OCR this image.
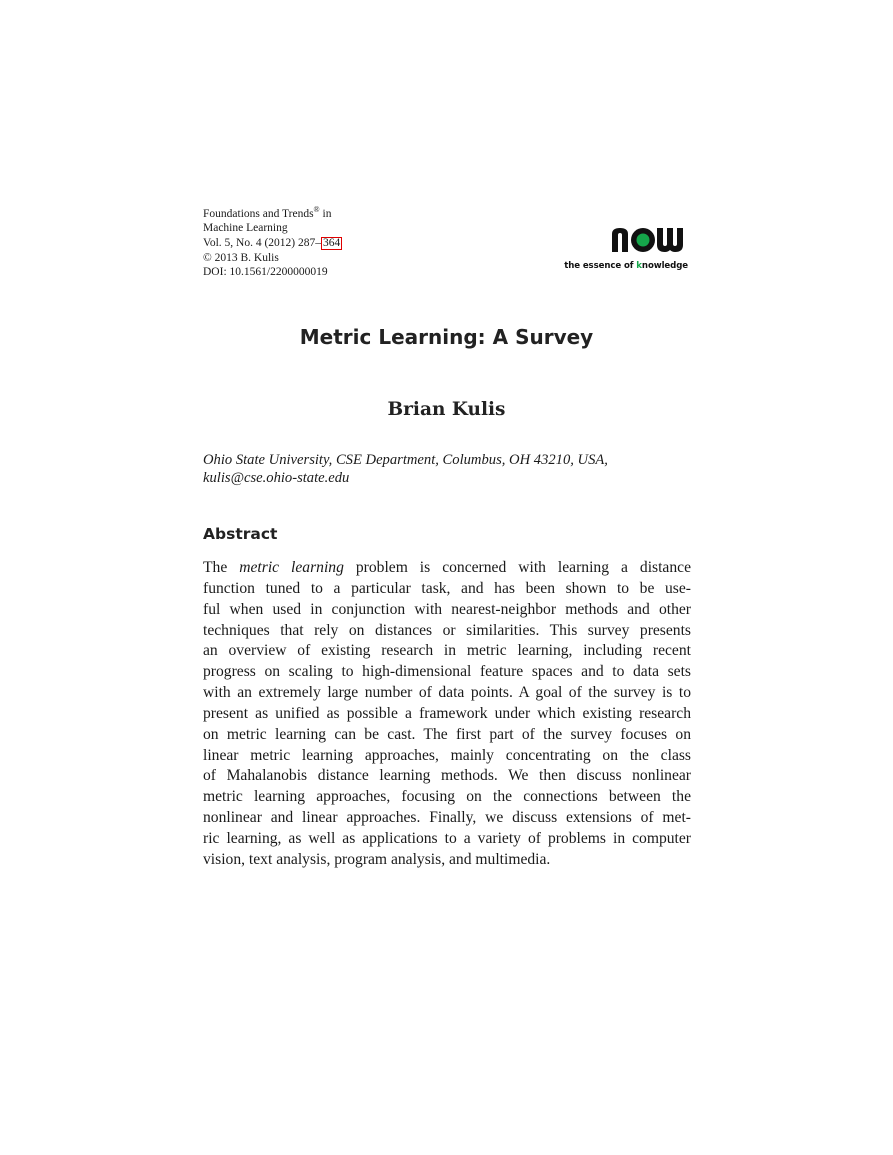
Foundations and Trends® in
Machine Learning
Vol. 5, No. 4 (2012) 287– 364
© 2013 B. Kulis
DOI: 10.1561/2200000019
the essence of knowledge
Metric Learning: A Survey
Brian Kulis
Ohio State University, CSE Department, Columbus, OH 43210, USA,
kulis@cse.ohio-state.edu
Abstract
The metric learning problem is concerned with learning a distance
function tuned to a particular task, and has been shown to be use-
ful when used in conjunction with nearest-neighbor methods and other
techniques that rely on distances or similarities. This survey presents
an overview of existing research in metric learning, including recent
progress on scaling to high-dimensional feature spaces and to data sets
with an extremely large number of data points. A goal of the survey is to
present as unified as possible a framework under which existing research
on metric learning can be cast. The first part of the survey focuses on
linear metric learning approaches, mainly concentrating on the class
of Mahalanobis distance learning methods. We then discuss nonlinear
metric learning approaches, focusing on the connections between the
nonlinear and linear approaches. Finally, we discuss extensions of met-
ric learning, as well as applications to a variety of problems in computer
vision, text analysis, program analysis, and multimedia.
